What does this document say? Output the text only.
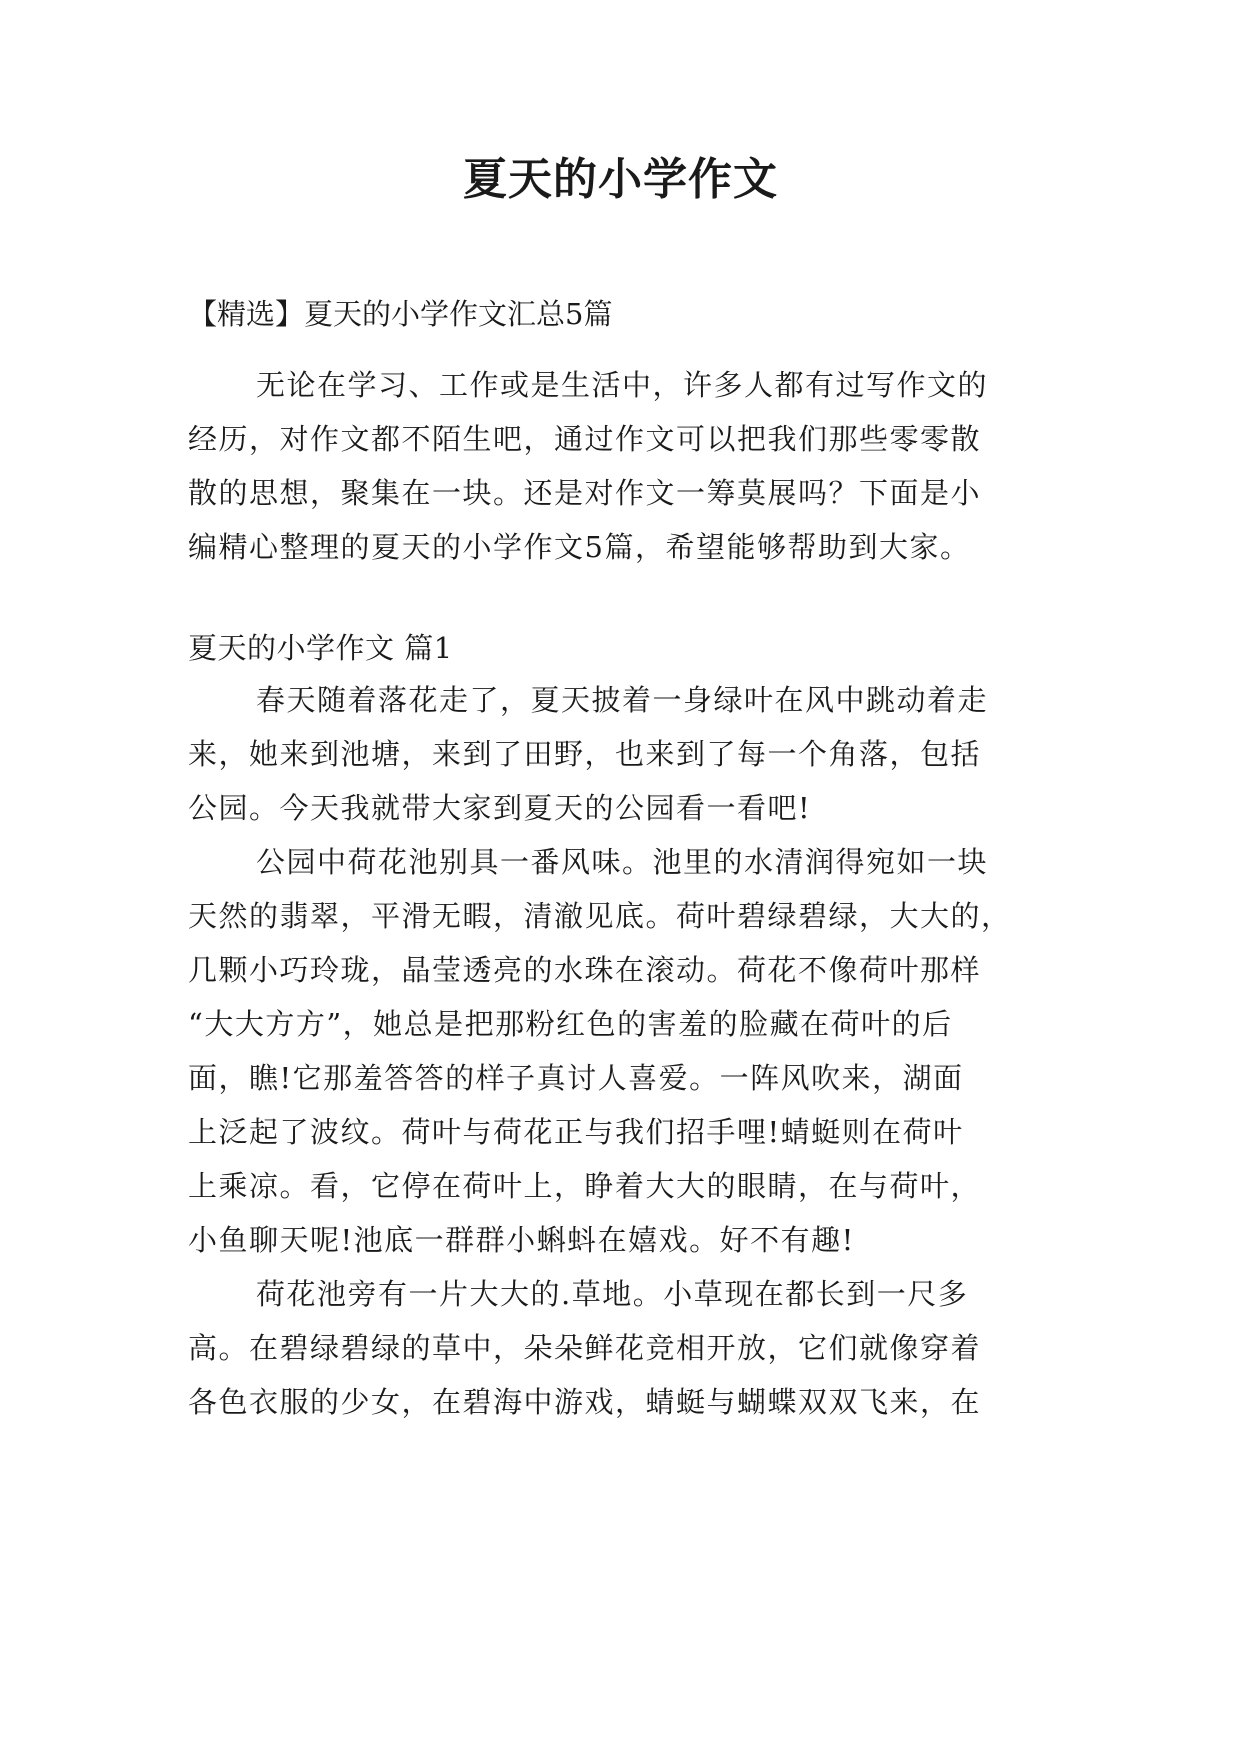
夏天的小学作文
【精选】夏天的小学作文汇总5篇
无论在学习、工作或是生活中，许多人都有过写作文的
经历，对作文都不陌生吧，通过作文可以把我们那些零零散
散的思想，聚集在一块。还是对作文一筹莫展吗？下面是小
编精心整理的夏天的小学作文5篇，希望能够帮助到大家。
夏天的小学作文 篇1
春天随着落花走了，夏天披着一身绿叶在风中跳动着走
来，她来到池塘，来到了田野，也来到了每一个角落，包括
公园。今天我就带大家到夏天的公园看一看吧!
公园中荷花池别具一番风味。池里的水清润得宛如一块
天然的翡翠，平滑无暇，清澈见底。荷叶碧绿碧绿，大大的，
几颗小巧玲珑，晶莹透亮的水珠在滚动。荷花不像荷叶那样
“大大方方”，她总是把那粉红色的害羞的脸藏在荷叶的后
面，瞧!它那羞答答的样子真讨人喜爱。一阵风吹来，湖面
上泛起了波纹。荷叶与荷花正与我们招手哩!蜻蜓则在荷叶
上乘凉。看，它停在荷叶上，睁着大大的眼睛，在与荷叶，
小鱼聊天呢!池底一群群小蝌蚪在嬉戏。好不有趣!
荷花池旁有一片大大的.草地。小草现在都长到一尺多
高。在碧绿碧绿的草中，朵朵鲜花竞相开放，它们就像穿着
各色衣服的少女，在碧海中游戏，蜻蜓与蝴蝶双双飞来，在
